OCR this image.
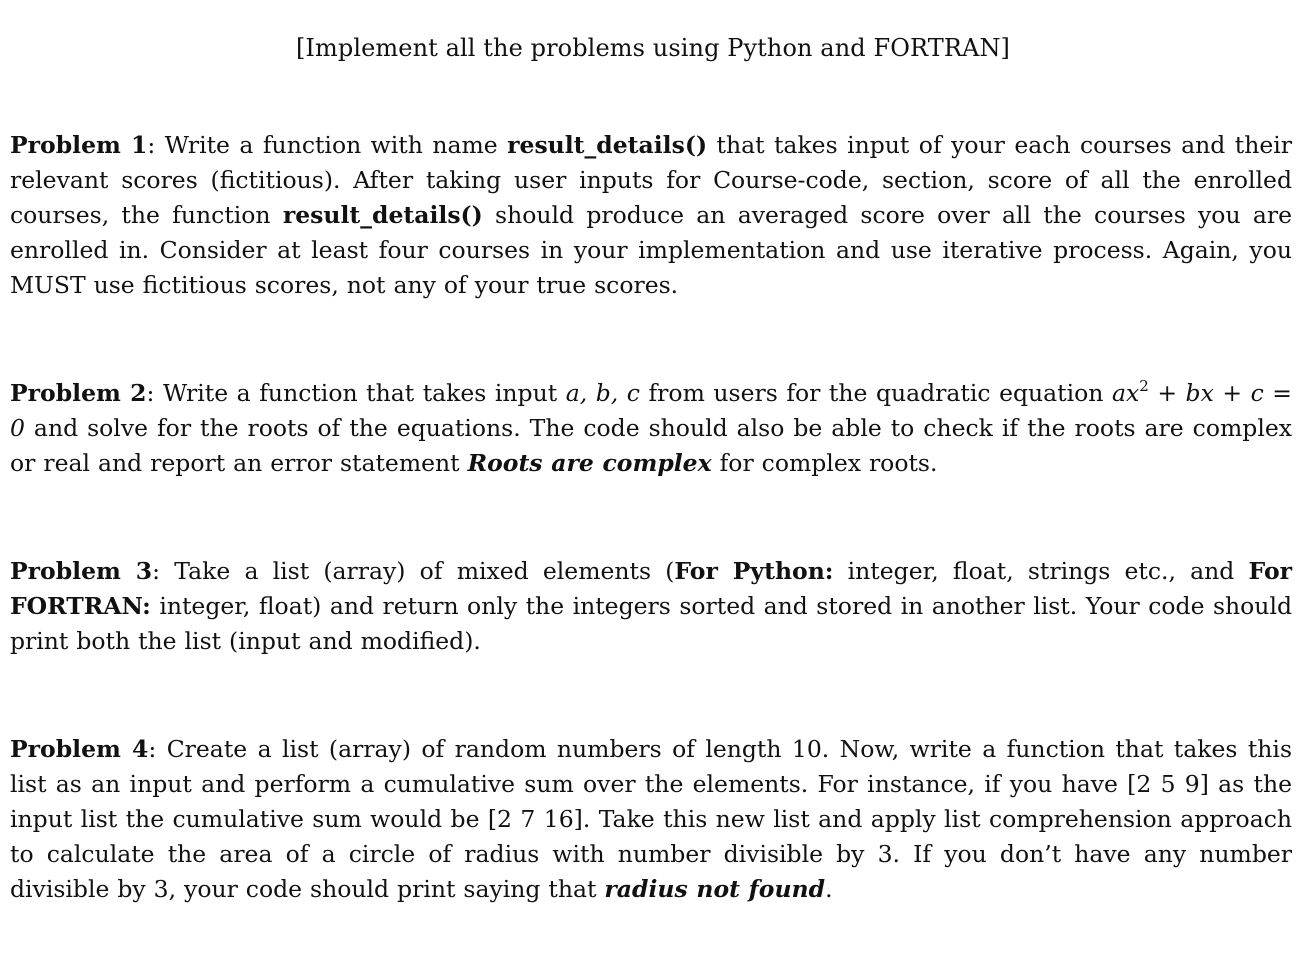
[Implement all the problems using Python and FORTRAN]
Problem 1: Write a function with name result_details() that takes input of your each courses and their relevant scores (fictitious). After taking user inputs for Course-code, section, score of all the enrolled courses, the function result_details() should produce an averaged score over all the courses you are enrolled in. Consider at least four courses in your implementation and use iterative process. Again, you MUST use fictitious scores, not any of your true scores.
Problem 2: Write a function that takes input a, b, c from users for the quadratic equation $ax^2$ + bx + c = 0 and solve for the roots of the equations. The code should also be able to check if the roots are complex or real and report an error statement Roots are complex for complex roots.
Problem 3: Take a list (array) of mixed elements (For Python: integer, float, strings etc., and For FORTRAN: integer, float) and return only the integers sorted and stored in another list. Your code should print both the list (input and modified).
Problem 4: Create a list (array) of random numbers of length 10. Now, write a function that takes this list as an input and perform a cumulative sum over the elements. For instance, if you have [2 5 9] as the input list the cumulative sum would be [2 7 16]. Take this new list and apply list comprehension approach to calculate the area of a circle of radius with number divisible by 3. If you don’t have any number divisible by 3, your code should print saying that radius not found.
